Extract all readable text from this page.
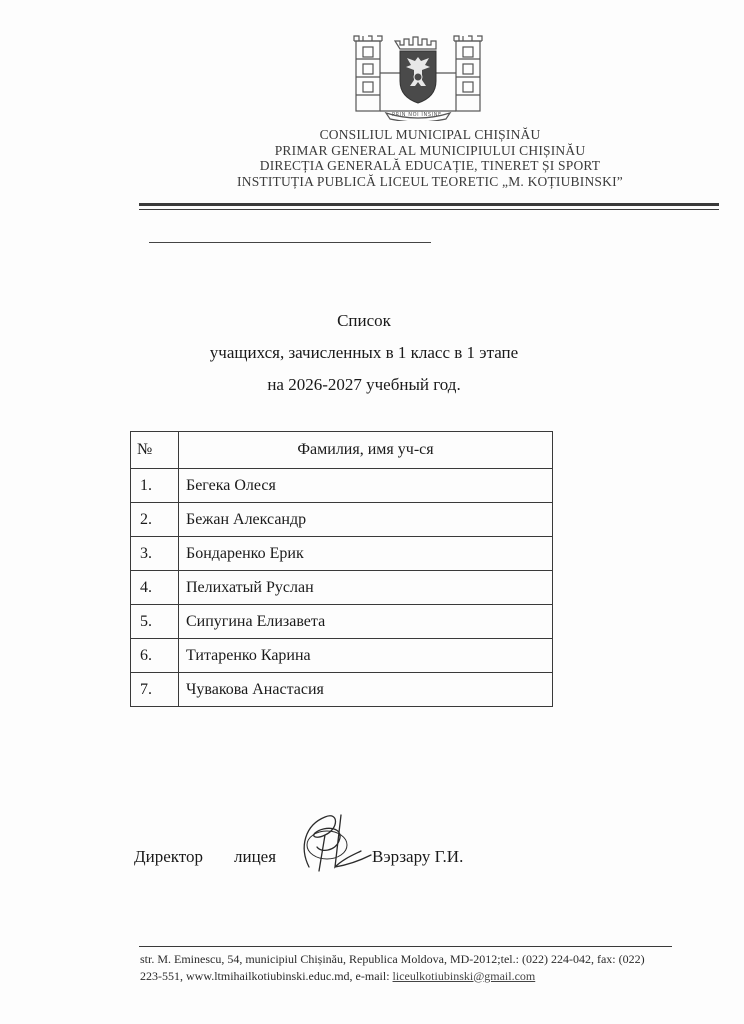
PRIN NOI ÎNȘINE
CONSILIUL MUNICIPAL CHIȘINĂU
PRIMAR GENERAL AL MUNICIPIULUI CHIȘINĂU
DIRECȚIA GENERALĂ EDUCAȚIE, TINERET ȘI SPORT
INSTITUȚIA PUBLICĂ LICEUL TEORETIC „M. KOȚIUBINSKI”
Список
учащихся, зачисленных в 1 класс в 1 этапе
на 2026-2027 учебный год.
№	Фамилия, имя уч-ся
1.	Бегека Олеся
2.	Бежан Александр
3.	Бондаренко Ерик
4.	Пелихатый Руслан
5.	Сипугина Елизавета
6.	Титаренко Карина
7.	Чувакова Анастасия
Директор лицея	Вэрзару Г.И.
str. M. Eminescu, 54, municipiul Chișinău, Republica Moldova, MD-2012;tel.: (022) 224-042, fax: (022)
223-551, www.ltmihailkotiubinski.educ.md, e-mail: liceulkotiubinski@gmail.com
